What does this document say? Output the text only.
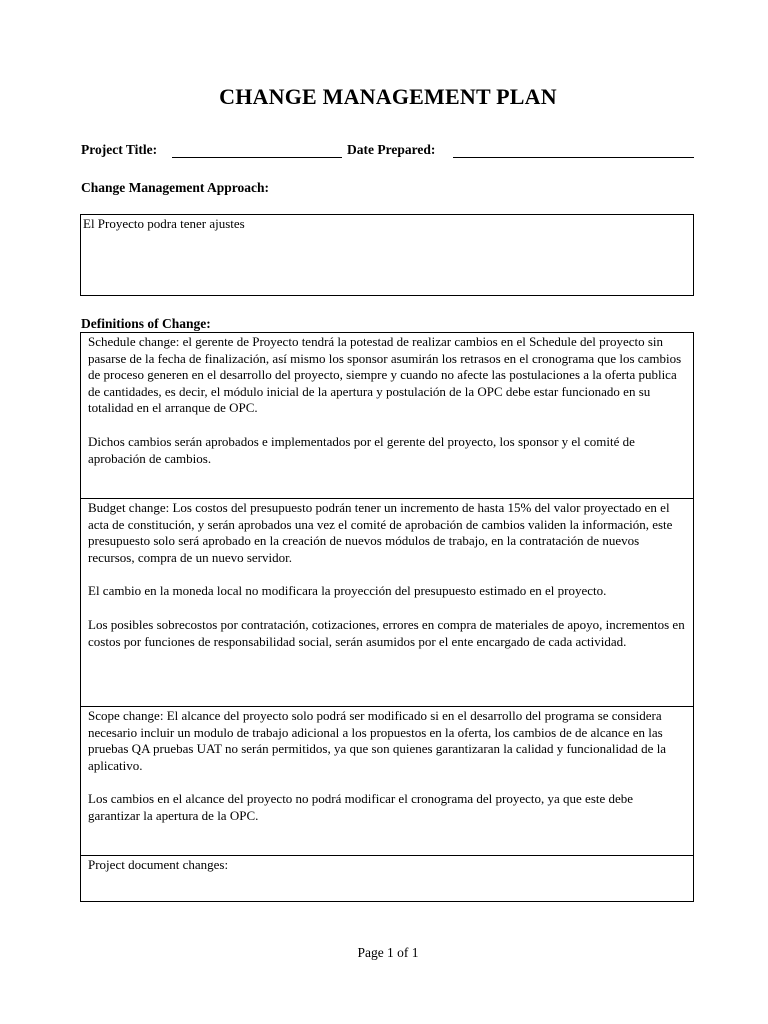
CHANGE MANAGEMENT PLAN
Project Title:	Date Prepared:
Change Management Approach:
El Proyecto podra tener ajustes
Definitions of Change:

Schedule change: el gerente de Proyecto tendrá la potestad de realizar cambios en el Schedule del proyecto sin pasarse de la fecha de finalización, así mismo los sponsor asumirán los retrasos en el cronograma que los cambios de proceso generen en el desarrollo del proyecto, siempre y cuando no afecte las postulaciones a la oferta publica de cantidades, es decir, el módulo inicial de la apertura y postulación de la OPC debe estar funcionado en su totalidad en el arranque de OPC.

Dichos cambios serán aprobados e implementados por el gerente del proyecto, los sponsor y el comité de aprobación de cambios.

Budget change: Los costos del presupuesto podrán tener un incremento de hasta 15% del valor proyectado en el acta de constitución, y serán aprobados una vez el comité de aprobación de cambios validen la información, este presupuesto solo será aprobado en la creación de nuevos módulos de trabajo, en la contratación de nuevos recursos, compra de un nuevo servidor.

El cambio en la moneda local no modificara la proyección del presupuesto estimado en el proyecto.

Los posibles sobrecostos por contratación, cotizaciones, errores en compra de materiales de apoyo, incrementos en costos por funciones de responsabilidad social, serán asumidos por el ente encargado de cada actividad.

Scope change: El alcance del proyecto solo podrá ser modificado si en el desarrollo del programa se considera necesario incluir un modulo de trabajo adicional a los propuestos en la oferta, los cambios de de alcance en las pruebas QA pruebas UAT no serán permitidos, ya que son quienes garantizaran la calidad y funcionalidad de la aplicativo.

Los cambios en el alcance del proyecto no podrá modificar el cronograma del proyecto, ya que este debe garantizar la apertura de la OPC.

Project document changes:

Page 1 of 1
